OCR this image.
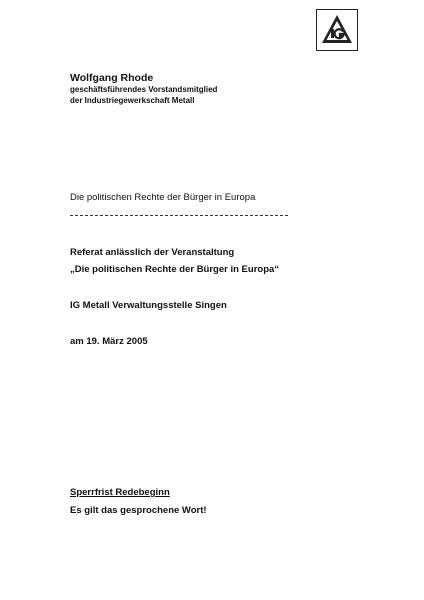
Wolfgang Rhode
geschäftsführendes Vorstandsmitglied
der Industriegewerkschaft Metall
Die politischen Rechte der Bürger in Europa
Referat anlässlich der Veranstaltung
„Die politischen Rechte der Bürger in Europa“
IG Metall Verwaltungsstelle Singen
am 19. März 2005
Sperrfrist Redebeginn
Es gilt das gesprochene Wort!
